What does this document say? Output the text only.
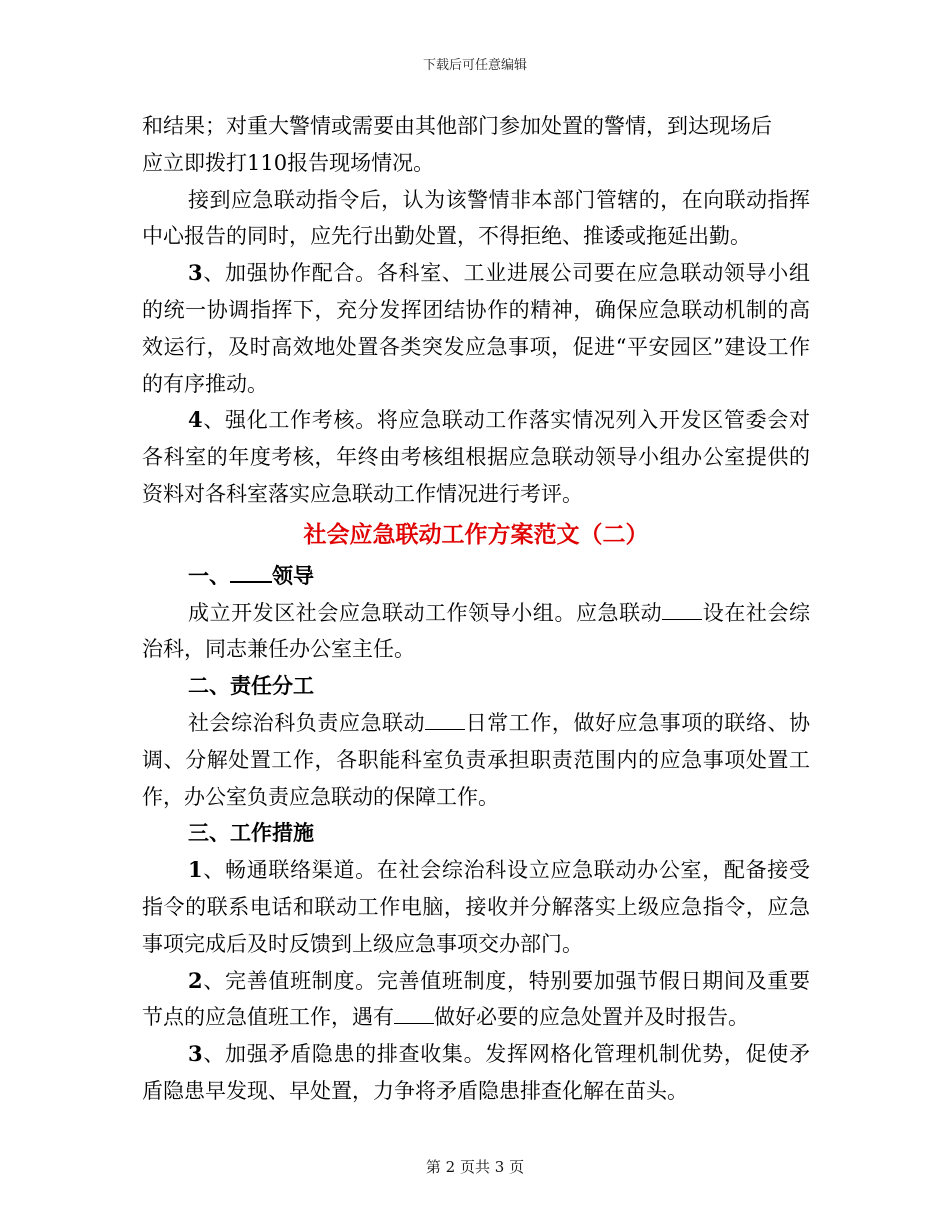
下载后可任意编辑

和结果；对重大警情或需要由其他部门参加处置的警情，到达现场后

应立即拨打110报告现场情况。

接到应急联动指令后，认为该警情非本部门管辖的，在向联动指挥中心报告的同时，应先行出勤处置，不得拒绝、推诿或拖延出勤。

3、加强协作配合。各科室、工业进展公司要在应急联动领导小组的统一协调指挥下，充分发挥团结协作的精神，确保应急联动机制的高效运行，及时高效地处置各类突发应急事项，促进“平安园区”建设工作的有序推动。

4、强化工作考核。将应急联动工作落实情况列入开发区管委会对各科室的年度考核，年终由考核组根据应急联动领导小组办公室提供的资料对各科室落实应急联动工作情况进行考评。

社会应急联动工作方案范文（二）

一、 领导

成立开发区社会应急联动工作领导小组。应急联动 设在社会综治科，同志兼任办公室主任。

二、责任分工

社会综治科负责应急联动 日常工作，做好应急事项的联络、协调、分解处置工作，各职能科室负责承担职责范围内的应急事项处置工作，办公室负责应急联动的保障工作。

三、工作措施

1、畅通联络渠道。在社会综治科设立应急联动办公室，配备接受指令的联系电话和联动工作电脑，接收并分解落实上级应急指令，应急事项完成后及时反馈到上级应急事项交办部门。

2、完善值班制度。完善值班制度，特别要加强节假日期间及重要节点的应急值班工作，遇有 做好必要的应急处置并及时报告。

3、加强矛盾隐患的排查收集。发挥网格化管理机制优势，促使矛盾隐患早发现、早处置，力争将矛盾隐患排查化解在苗头。

第 2 页共 3 页
